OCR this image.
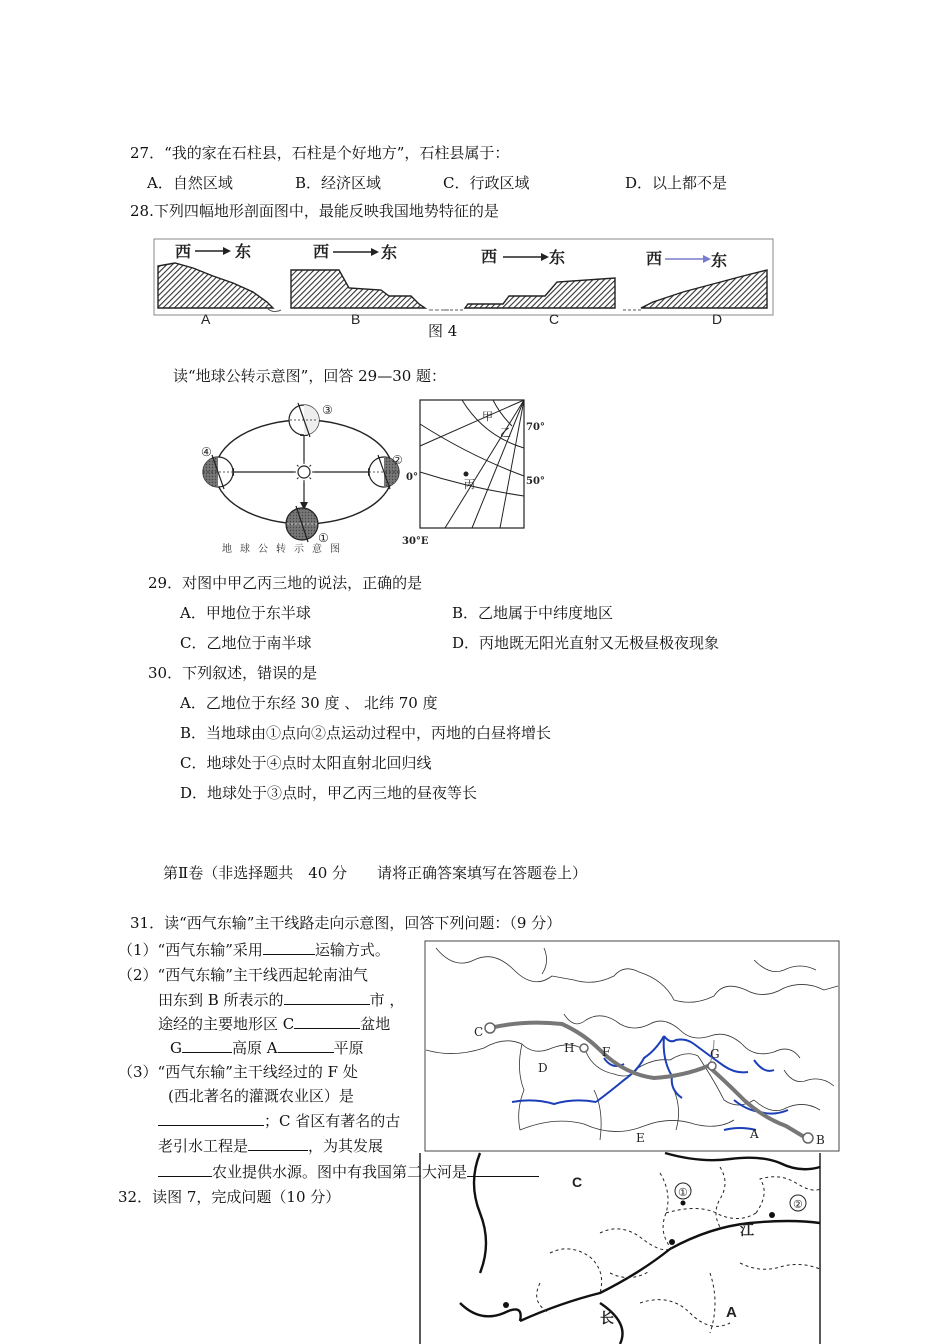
27．“我的家在石柱县，石柱是个好地方”，石柱县属于：
A．自然区域	B．经济区域	C．行政区域	D．以上都不是
28.下列四幅地形剖面图中，最能反映我国地势特征的是
西	东
A
西	东
B
西	东
C
西	东
D
图 4
读“地球公转示意图”，回答 29—30 题：
③
①
④
②
地球公转示意图
甲
乙
丙
70°
50°
0°
30°E
29．对图中甲乙丙三地的说法，正确的是
A．甲地位于东半球	B．乙地属于中纬度地区
C．乙地位于南半球	D．丙地既无阳光直射又无极昼极夜现象
30．下列叙述，错误的是
A．乙地位于东经 30 度 、 北纬 70 度
B．当地球由①点向②点运动过程中，丙地的白昼将增长
C．地球处于④点时太阳直射北回归线
D．地球处于③点时，甲乙丙三地的昼夜等长
第Ⅱ卷（非选择题共　40 分　　请将正确答案填写在答题卷上）
31．读“西气东输”主干线路走向示意图，回答下列问题：（9 分）
（1）“西气东输”采用	运输方式。
（2）“西气东输”主干线西起轮南油气
田东到 B 所表示的	市 ，
途经的主要地形区 C	盆地
G	高原 A	平原
（3）“西气东输”主干线经过的 F 处
(西北著名的灌溉农业区）是
；C 省区有著名的古
老引水工程是	，为其发展
农业提供水源。图中有我国第二大河是
C
H F	G
D
E	A	B
32．读图 7，完成问题（10 分）
C
A
①
②
江
长
